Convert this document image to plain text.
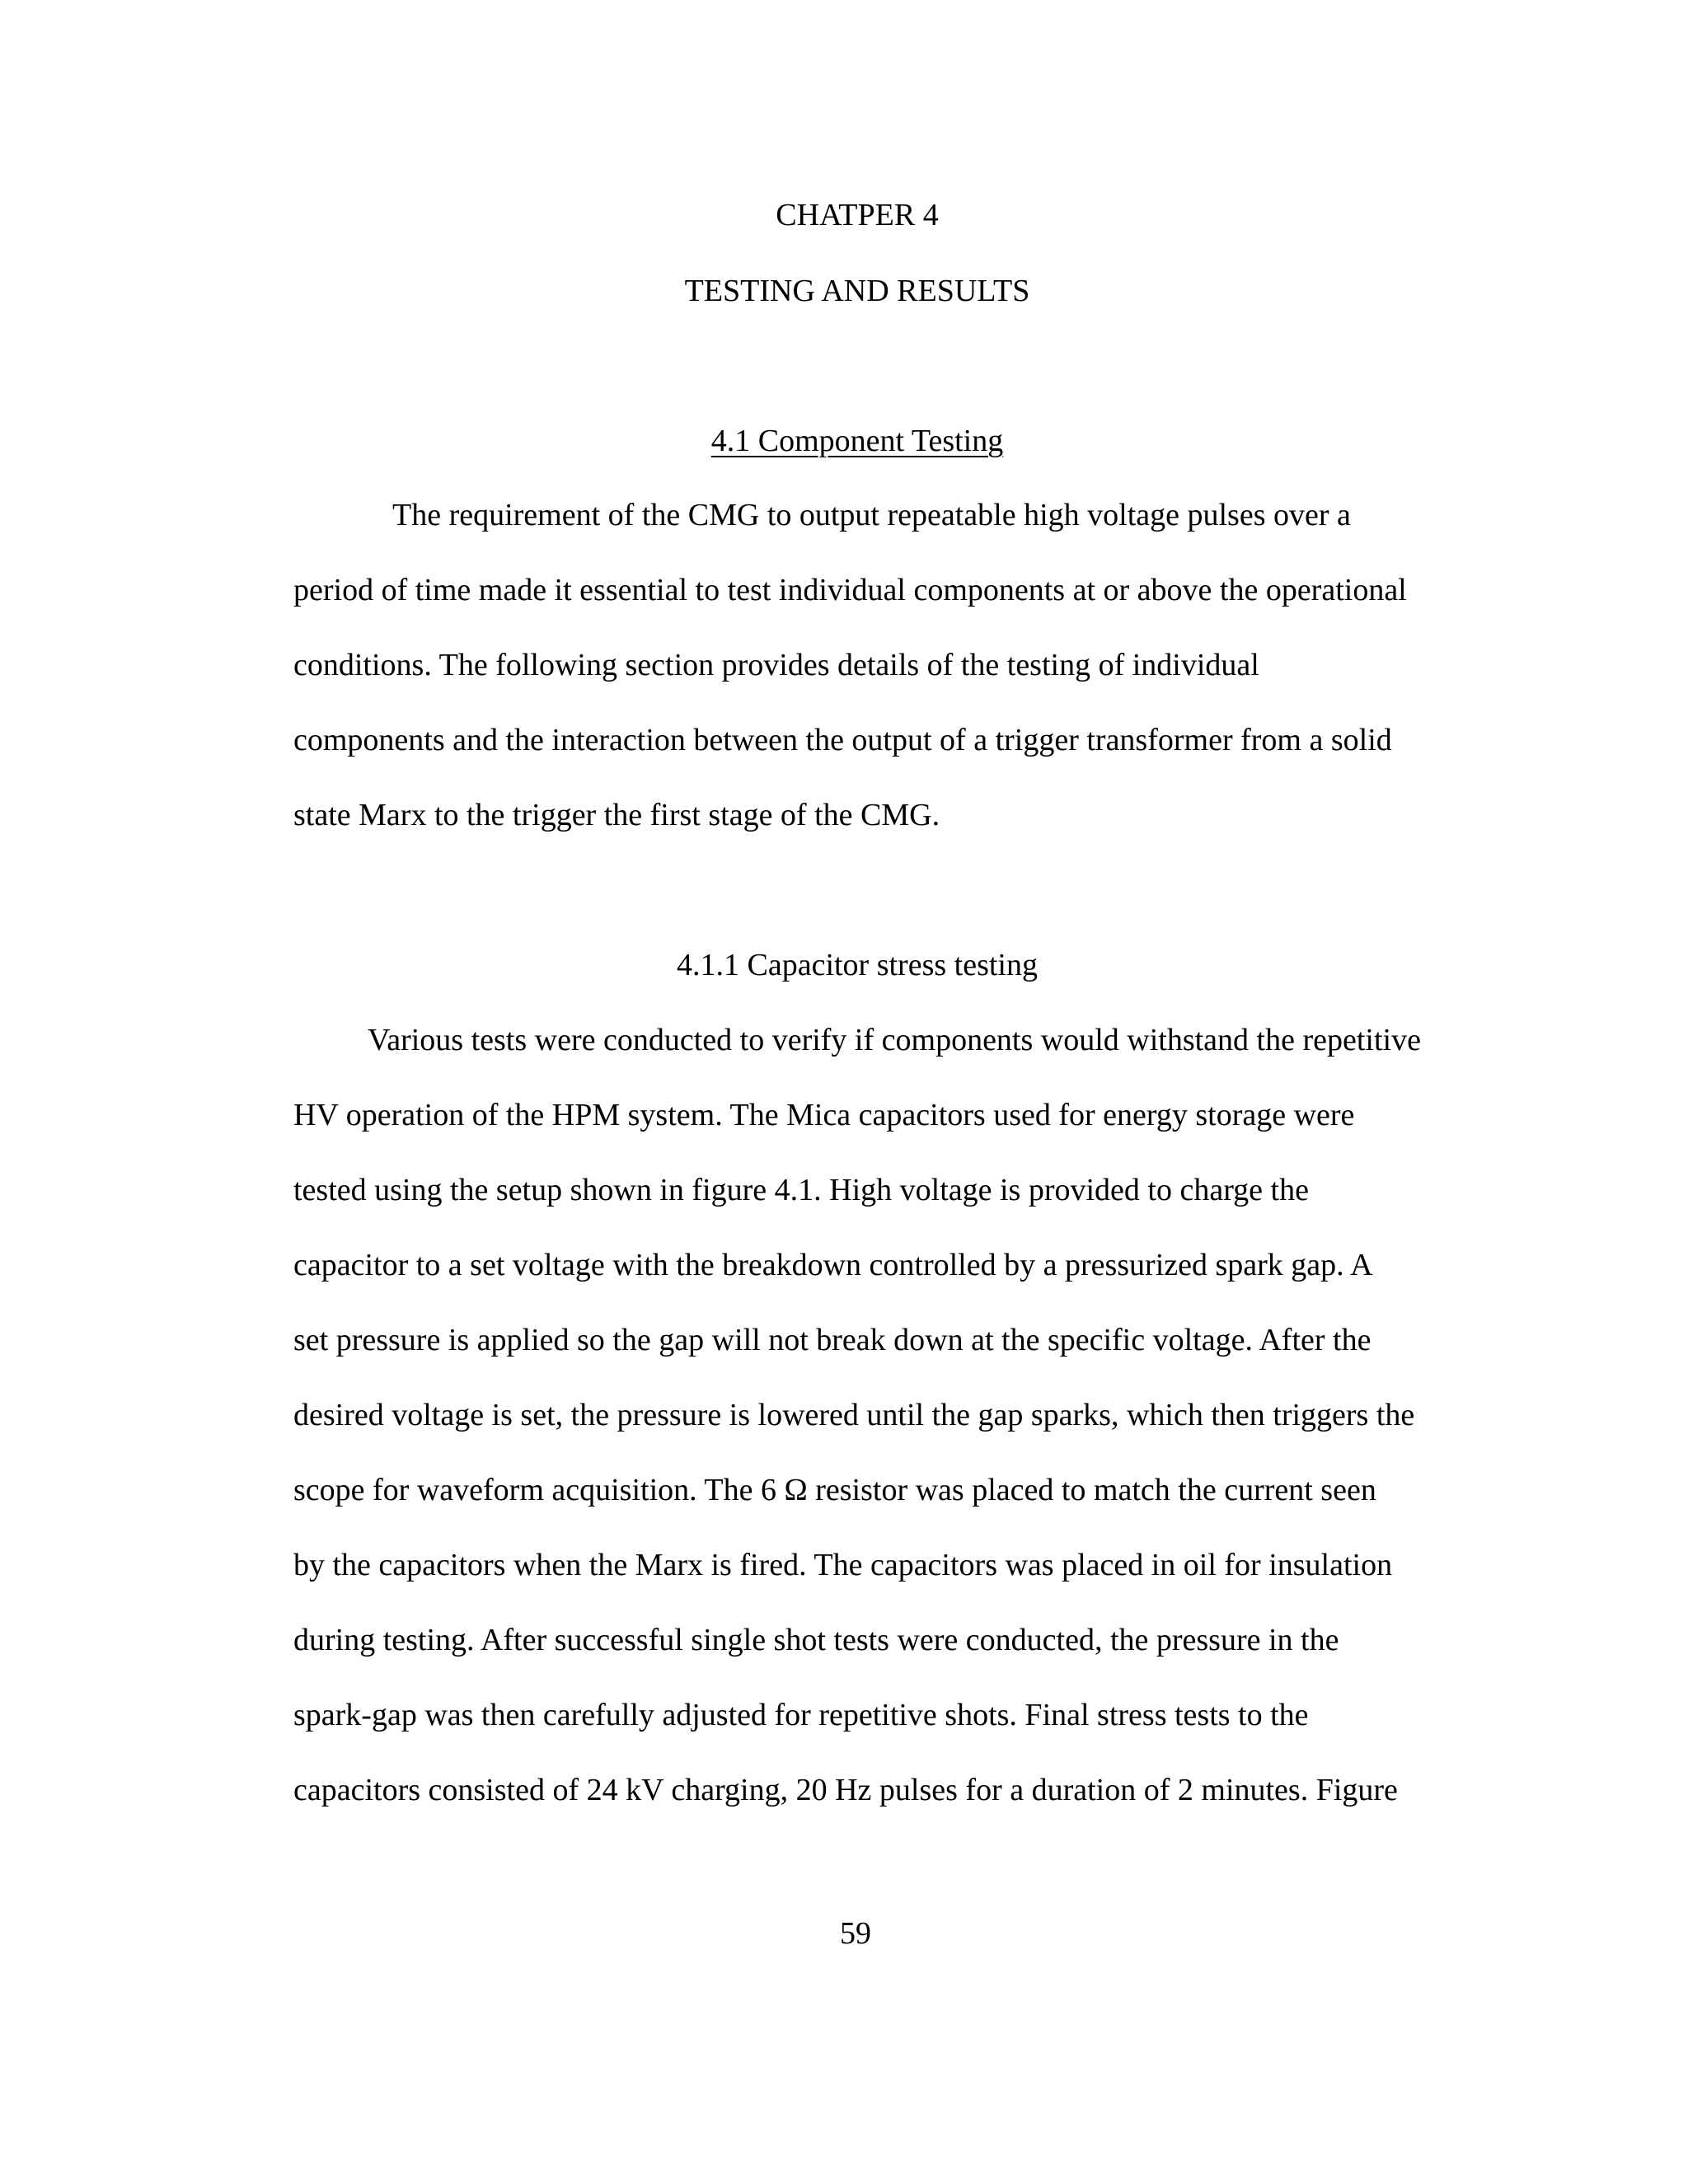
CHATPER 4
TESTING AND RESULTS
4.1 Component Testing
The requirement of the CMG to output repeatable high voltage pulses over a
period of time made it essential to test individual components at or above the operational
conditions. The following section provides details of the testing of individual
components and the interaction between the output of a trigger transformer from a solid
state Marx to the trigger the first stage of the CMG.
4.1.1 Capacitor stress testing
Various tests were conducted to verify if components would withstand the repetitive
HV operation of the HPM system. The Mica capacitors used for energy storage were
tested using the setup shown in figure 4.1. High voltage is provided to charge the
capacitor to a set voltage with the breakdown controlled by a pressurized spark gap. A
set pressure is applied so the gap will not break down at the specific voltage. After the
desired voltage is set, the pressure is lowered until the gap sparks, which then triggers the
scope for waveform acquisition. The 6 Ω resistor was placed to match the current seen
by the capacitors when the Marx is fired. The capacitors was placed in oil for insulation
during testing. After successful single shot tests were conducted, the pressure in the
spark-gap was then carefully adjusted for repetitive shots. Final stress tests to the
capacitors consisted of 24 kV charging, 20 Hz pulses for a duration of 2 minutes. Figure
59
